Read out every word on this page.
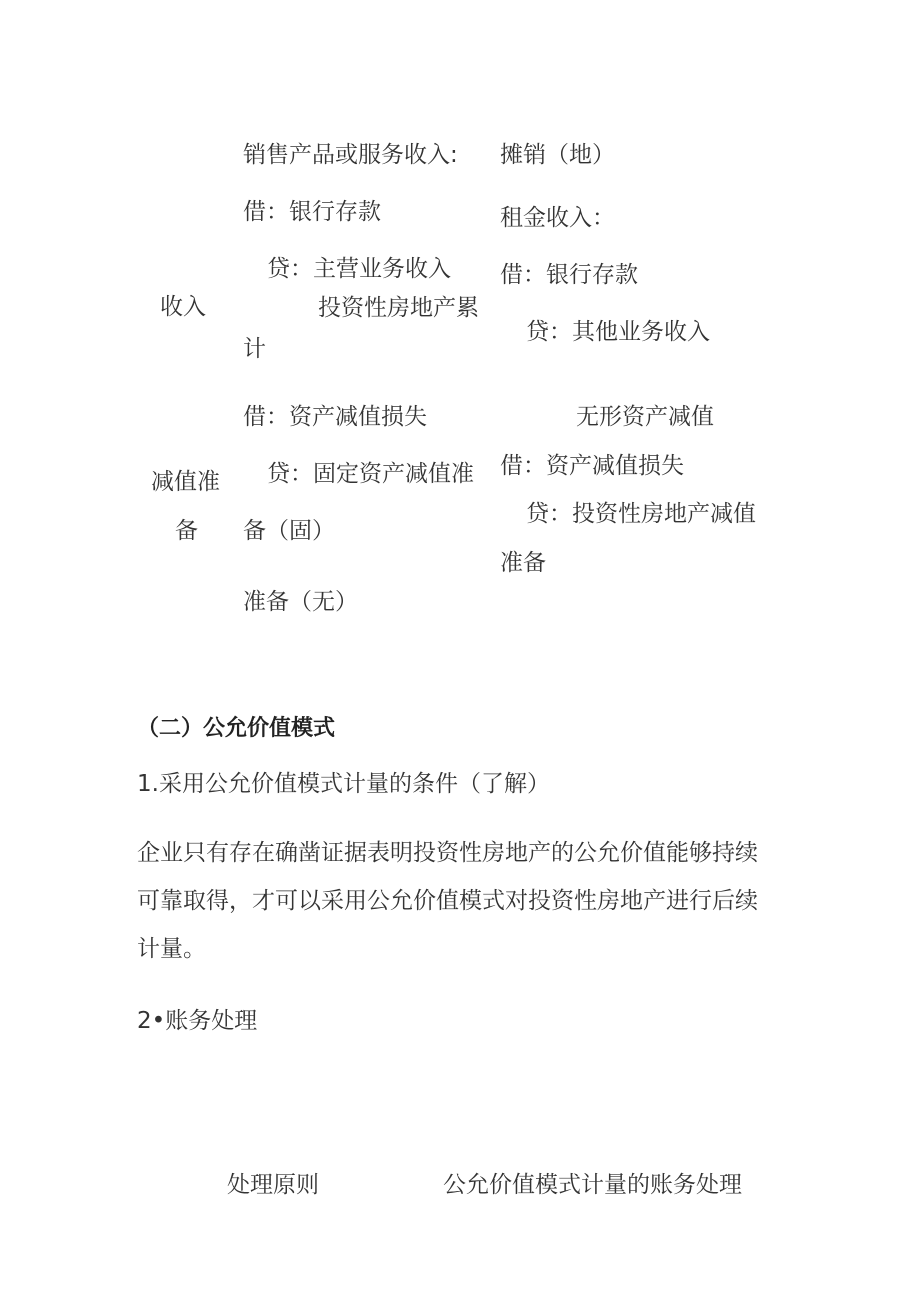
收入

销售产品或服务收入:

借：银行存款

贷：主营业务收入

投资性房地产累

计

摊销（地）

租金收入：

借：银行存款

贷：其他业务收入

减值准

备

借：资产减值损失

贷：固定资产减值准

备（固）

准备（无）

无形资产减值

借：资产减值损失

贷：投资性房地产减值

准备

（二）公允价值模式

1.采用公允价值模式计量的条件（了解）

企业只有存在确凿证据表明投资性房地产的公允价值能够持续可靠取得，才可以采用公允价值模式对投资性房地产进行后续计量。

2•账务处理

处理原则	公允价值模式计量的账务处理
